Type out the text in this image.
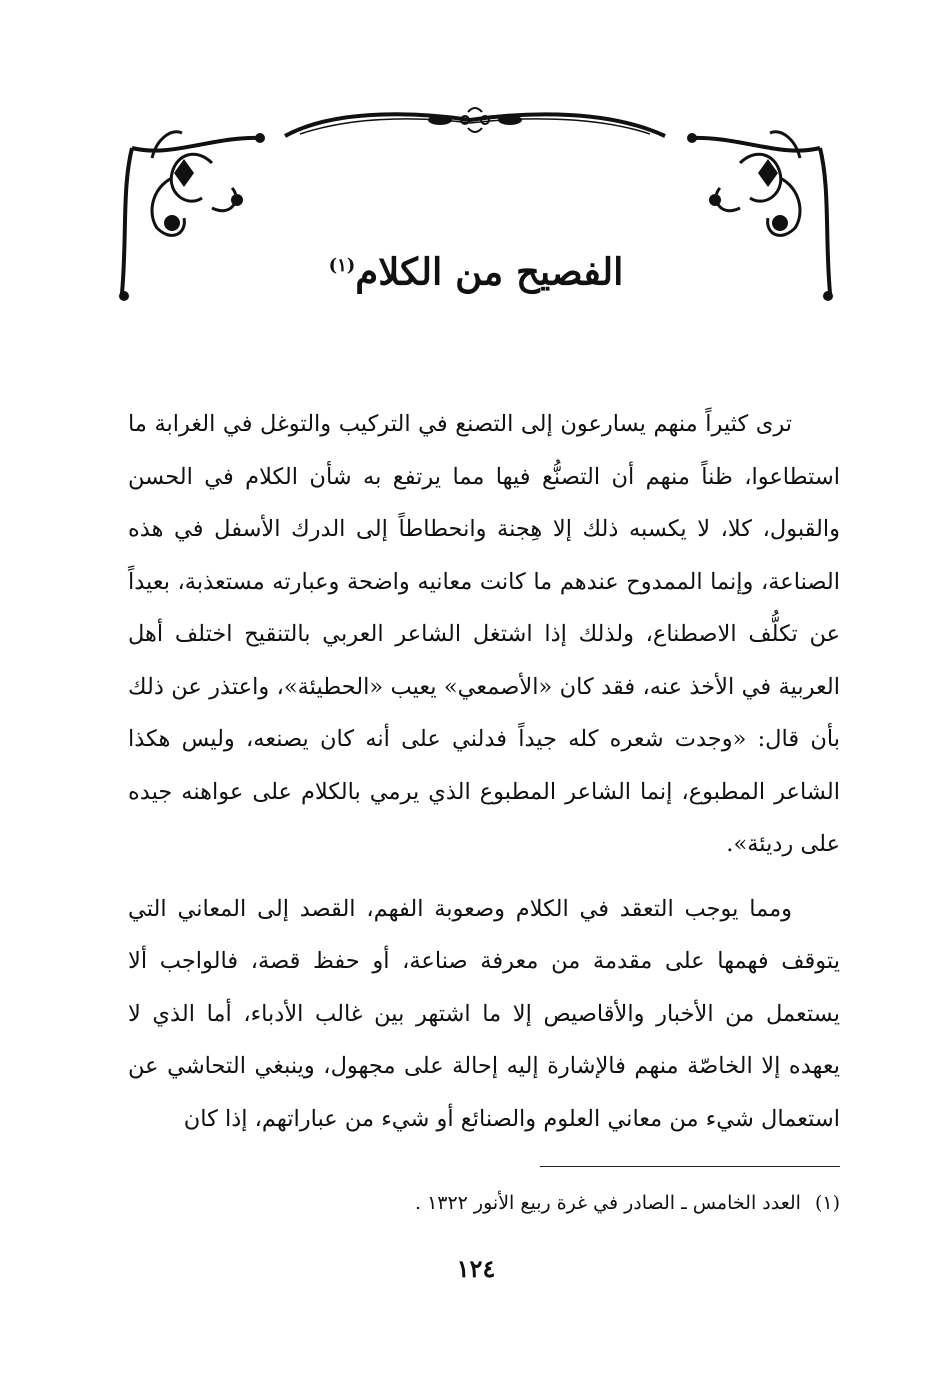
الفصيح من الكلام$^{(١)}$

ترى كثيراً منهم يسارعون إلى التصنع في التركيب والتوغل في الغرابة ما استطاعوا، ظناً منهم أن التصنُّع فيها مما يرتفع به شأن الكلام في الحسن والقبول، كلا، لا يكسبه ذلك إلا هِجنة وانحطاطاً إلى الدرك الأسفل في هذه الصناعة، وإنما الممدوح عندهم ما كانت معانيه واضحة وعبارته مستعذبة، بعيداً عن تكلُّف الاصطناع، ولذلك إذا اشتغل الشاعر العربي بالتنقيح اختلف أهل العربية في الأخذ عنه، فقد كان «الأصمعي» يعيب «الحطيئة»، واعتذر عن ذلك بأن قال: «وجدت شعره كله جيداً فدلني على أنه كان يصنعه، وليس هكذا الشاعر المطبوع، إنما الشاعر المطبوع الذي يرمي بالكلام على عواهنه جيده على رديئة».

ومما يوجب التعقد في الكلام وصعوبة الفهم، القصد إلى المعاني التي يتوقف فهمها على مقدمة من معرفة صناعة، أو حفظ قصة، فالواجب ألا يستعمل من الأخبار والأقاصيص إلا ما اشتهر بين غالب الأدباء، أما الذي لا يعهده إلا الخاصّة منهم فالإشارة إليه إحالة على مجهول، وينبغي التحاشي عن استعمال شيء من معاني العلوم والصنائع أو شيء من عباراتهم، إذا كان

(١)العدد الخامس ـ الصادر في غرة ربيع الأنور ١٣٢٢ .
١٢٤
